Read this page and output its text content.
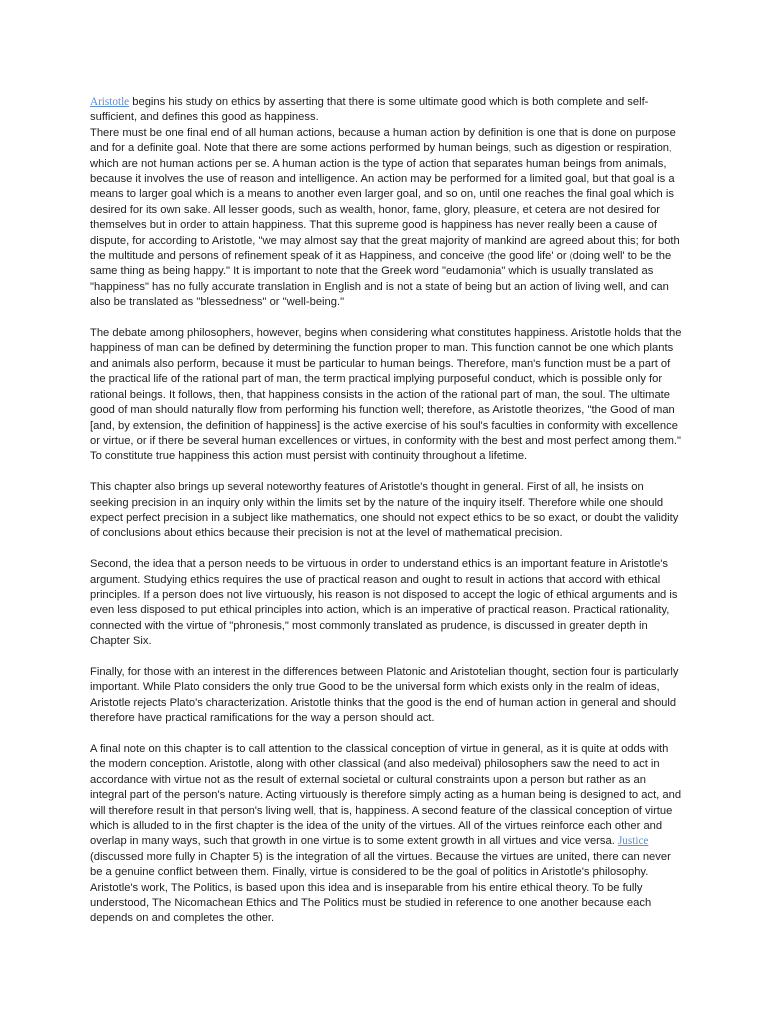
Aristotle begins his study on ethics by asserting that there is some ultimate good which is both complete and self-sufficient, and defines this good as happiness.

There must be one final end of all human actions, because a human action by definition is one that is done on purpose and for a definite goal. Note that there are some actions performed by human beings, such as digestion or respiration, which are not human actions per se. A human action is the type of action that separates human beings from animals, because it involves the use of reason and intelligence. An action may be performed for a limited goal, but that goal is a means to larger goal which is a means to another even larger goal, and so on, until one reaches the final goal which is desired for its own sake. All lesser goods, such as wealth, honor, fame, glory, pleasure, et cetera are not desired for themselves but in order to attain happiness. That this supreme good is happiness has never really been a cause of dispute, for according to Aristotle, "we may almost say that the great majority of mankind are agreed about this; for both the multitude and persons of refinement speak of it as Happiness, and conceive (the good life' or (doing well' to be the same thing as being happy." It is important to note that the Greek word "eudamonia" which is usually translated as "happiness" has no fully accurate translation in English and is not a state of being but an action of living well, and can also be translated as "blessedness" or "well-being."

The debate among philosophers, however, begins when considering what constitutes happiness. Aristotle holds that the happiness of man can be defined by determining the function proper to man. This function cannot be one which plants and animals also perform, because it must be particular to human beings. Therefore, man's function must be a part of the practical life of the rational part of man, the term practical implying purposeful conduct, which is possible only for rational beings. It follows, then, that happiness consists in the action of the rational part of man, the soul. The ultimate good of man should naturally flow from performing his function well; therefore, as Aristotle theorizes, "the Good of man [and, by extension, the definition of happiness] is the active exercise of his soul's faculties in conformity with excellence or virtue, or if there be several human excellences or virtues, in conformity with the best and most perfect among them." To constitute true happiness this action must persist with continuity throughout a lifetime.

This chapter also brings up several noteworthy features of Aristotle's thought in general. First of all, he insists on seeking precision in an inquiry only within the limits set by the nature of the inquiry itself. Therefore while one should expect perfect precision in a subject like mathematics, one should not expect ethics to be so exact, or doubt the validity of conclusions about ethics because their precision is not at the level of mathematical precision.

Second, the idea that a person needs to be virtuous in order to understand ethics is an important feature in Aristotle's argument. Studying ethics requires the use of practical reason and ought to result in actions that accord with ethical principles. If a person does not live virtuously, his reason is not disposed to accept the logic of ethical arguments and is even less disposed to put ethical principles into action, which is an imperative of practical reason. Practical rationality, connected with the virtue of "phronesis," most commonly translated as prudence, is discussed in greater depth in Chapter Six.

Finally, for those with an interest in the differences between Platonic and Aristotelian thought, section four is particularly important. While Plato considers the only true Good to be the universal form which exists only in the realm of ideas, Aristotle rejects Plato's characterization. Aristotle thinks that the good is the end of human action in general and should therefore have practical ramifications for the way a person should act.

A final note on this chapter is to call attention to the classical conception of virtue in general, as it is quite at odds with the modern conception. Aristotle, along with other classical (and also medeival) philosophers saw the need to act in accordance with virtue not as the result of external societal or cultural constraints upon a person but rather as an integral part of the person's nature. Acting virtuously is therefore simply acting as a human being is designed to act, and will therefore result in that person's living well, that is, happiness. A second feature of the classical conception of virtue which is alluded to in the first chapter is the idea of the unity of the virtues. All of the virtues reinforce each other and overlap in many ways, such that growth in one virtue is to some extent growth in all virtues and vice versa. Justice (discussed more fully in Chapter 5) is the integration of all the virtues. Because the virtues are united, there can never be a genuine conflict between them. Finally, virtue is considered to be the goal of politics in Aristotle's philosophy. Aristotle's work, The Politics, is based upon this idea and is inseparable from his entire ethical theory. To be fully understood, The Nicomachean Ethics and The Politics must be studied in reference to one another because each depends on and completes the other.
